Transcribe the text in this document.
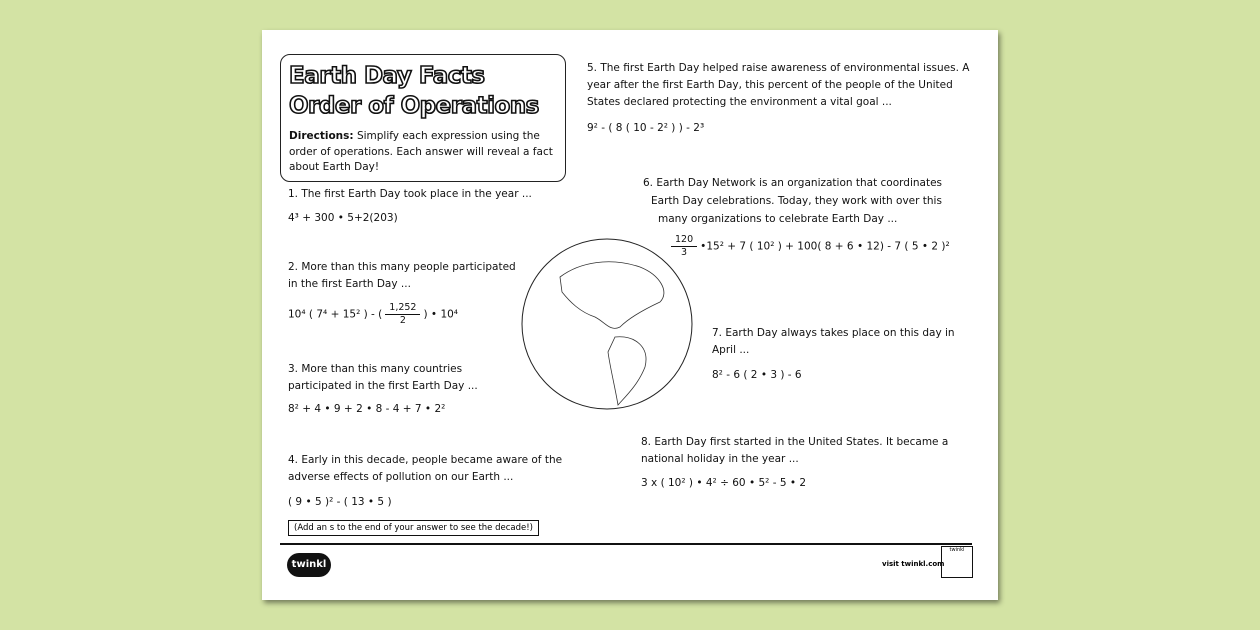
Earth Day Facts
Order of Operations
Directions: Simplify each expression using the order of operations. Each answer will reveal a fact about Earth Day!
1. The first Earth Day took place in the year ...
4³ + 300 • 5+2(203)
2. More than this many people participated in the first Earth Day ...
10⁴ ( 7⁴ + 15² ) - ( $\frac{1,252}{2}$ ) • 10⁴
3. More than this many countries participated in the first Earth Day ...
8² + 4 • 9 + 2 • 8 - 4 + 7 • 2²
4. Early in this decade, people became aware of the adverse effects of pollution on our Earth ...
( 9 • 5 )² - ( 13 • 5 )
(Add an s to the end of your answer to see the decade!)
5. The first Earth Day helped raise awareness of environmental issues. A year after the first Earth Day, this percent of the people of the United States declared protecting the environment a vital goal ...
9² - ( 8 ( 10 - 2² ) ) - 2³
6. Earth Day Network is an organization that coordinates
Earth Day celebrations. Today, they work with over this
many organizations to celebrate Earth Day ...
$\frac{120}{3}$ •15² + 7 ( 10² ) + 100( 8 + 6 • 12) - 7 ( 5 • 2 )²
7. Earth Day always takes place on this day in April ...
8² - 6 ( 2 • 3 ) - 6
8. Earth Day first started in the United States. It became a national holiday in the year ...
3 x ( 10² ) • 4² ÷ 60 • 5² - 5 • 2
twinkl	visit twinkl.com
twinkl
